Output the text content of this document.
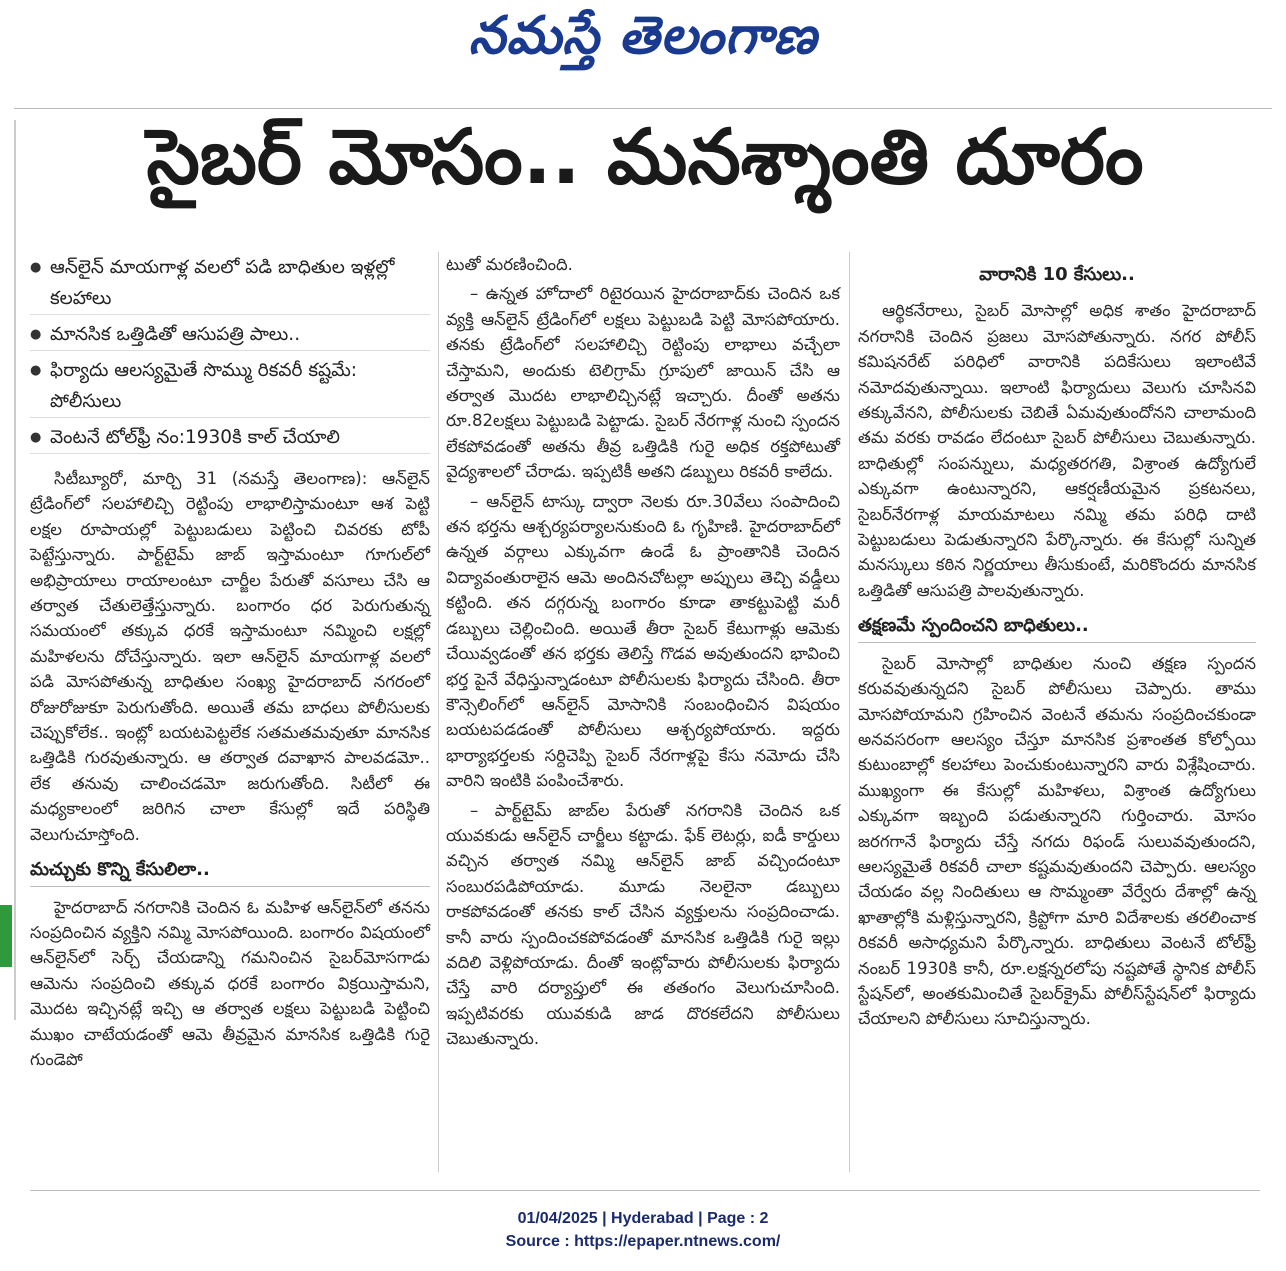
నమస్తే తెలంగాణ
సైబర్ మోసం.. మనశ్శాంతి దూరం
● ఆన్‌లైన్ మాయగాళ్ల వలలో పడి బాధితుల ఇళ్లల్లో కలహాలు
● మానసిక ఒత్తిడితో ఆసుపత్రి పాలు..
● ఫిర్యాదు ఆలస్యమైతే సొమ్ము రికవరీ కష్టమే: పోలీసులు
● వెంటనే టోల్‌ఫ్రీ నం:1930కి కాల్ చేయాలి

సిటీబ్యూరో, మార్చి 31 (నమస్తే తెలంగాణ): ఆన్‌లైన్ ట్రేడింగ్‌లో సలహాలిచ్చి రెట్టింపు లాభాలిస్తామంటూ ఆశ పెట్టి లక్షల రూపాయల్లో పెట్టుబడులు పెట్టించి చివరకు టోపీ పెట్టేస్తున్నారు. పార్ట్‌టైమ్ జాబ్ ఇస్తామంటూ గూగుల్‌లో అభిప్రాయాలు రాయాలంటూ చార్జీల పేరుతో వసూలు చేసి ఆ తర్వాత చేతులెత్తేస్తున్నారు. బంగారం ధర పెరుగుతున్న సమయంలో తక్కువ ధరకే ఇస్తామంటూ నమ్మించి లక్షల్లో మహిళలను దోచేస్తున్నారు. ఇలా ఆన్‌లైన్ మాయగాళ్ల వలలో పడి మోసపోతున్న బాధితుల సంఖ్య హైదరాబాద్ నగరంలో రోజురోజుకూ పెరుగుతోంది. అయితే తమ బాధలు పోలీసులకు చెప్పుకోలేక.. ఇంట్లో బయటపెట్టలేక సతమతమవుతూ మానసిక ఒత్తిడికి గురవుతున్నారు. ఆ తర్వాత దవాఖాన పాలవడమో.. లేక తనువు చాలించడమో జరుగుతోంది. సిటీలో ఈ మధ్యకాలంలో జరిగిన చాలా కేసుల్లో ఇదే పరిస్థితి వెలుగుచూస్తోంది.

మచ్చుకు కొన్ని కేసులిలా..

హైదరాబాద్ నగరానికి చెందిన ఓ మహిళ ఆన్‌లైన్‌లో తనను సంప్రదించిన వ్యక్తిని నమ్మి మోసపోయింది. బంగారం విషయంలో ఆన్‌లైన్‌లో సెర్చ్ చేయడాన్ని గమనించిన సైబర్‌మోసగాడు ఆమెను సంప్రదించి తక్కువ ధరకే బంగారం విక్రయిస్తామని, మొదట ఇచ్చినట్లే ఇచ్చి ఆ తర్వాత లక్షలు పెట్టుబడి పెట్టించి ముఖం చాటేయడంతో ఆమె తీవ్రమైన మానసిక ఒత్తిడికి గురై గుండెపో

టుతో మరణించింది.

– ఉన్నత హోదాలో రిటైరయిన హైదరాబాద్‌కు చెందిన ఒక వ్యక్తి ఆన్‌లైన్ ట్రేడింగ్‌లో లక్షలు పెట్టుబడి పెట్టి మోసపోయారు. తనకు ట్రేడింగ్‌లో సలహాలిచ్చి రెట్టింపు లాభాలు వచ్చేలా చేస్తామని, అందుకు టెలిగ్రామ్ గ్రూపులో జాయిన్ చేసి ఆ తర్వాత మొదట లాభాలిచ్చినట్లే ఇచ్చారు. దీంతో అతను రూ.82లక్షలు పెట్టుబడి పెట్టాడు. సైబర్ నేరగాళ్ల నుంచి స్పందన లేకపోవడంతో అతను తీవ్ర ఒత్తిడికి గురై అధిక రక్తపోటుతో వైద్యశాలలో చేరాడు. ఇప్పటికీ అతని డబ్బులు రికవరీ కాలేదు.

– ఆన్‌లైన్ టాస్కు ద్వారా నెలకు రూ.30వేలు సంపాదించి తన భర్తను ఆశ్చర్యపర్యాలనుకుంది ఓ గృహిణి. హైదరాబాద్‌లో ఉన్నత వర్గాలు ఎక్కువగా ఉండే ఓ ప్రాంతానికి చెందిన విద్యావంతురాలైన ఆమె అందినచోటల్లా అప్పులు తెచ్చి వడ్డీలు కట్టింది. తన దగ్గరున్న బంగారం కూడా తాకట్టుపెట్టి మరీ డబ్బులు చెల్లించింది. అయితే తీరా సైబర్ కేటుగాళ్లు ఆమెకు చేయివ్వడంతో తన భర్తకు తెలిస్తే గొడవ అవుతుందని భావించి భర్త పైనే వేధిస్తున్నాడంటూ పోలీసులకు ఫిర్యాదు చేసింది. తీరా కౌన్సెలింగ్‌లో ఆన్‌లైన్ మోసానికి సంబంధించిన విషయం బయటపడడంతో పోలీసులు ఆశ్చర్యపోయారు. ఇద్దరు భార్యాభర్తలకు సర్దిచెప్పి సైబర్ నేరగాళ్లపై కేసు నమోదు చేసి వారిని ఇంటికి పంపించేశారు.

– పార్ట్‌టైమ్ జాబ్‌ల పేరుతో నగరానికి చెందిన ఒక యువకుడు ఆన్‌లైన్ చార్జీలు కట్టాడు. ఫేక్ లెటర్లు, ఐడీ కార్డులు వచ్చిన తర్వాత నమ్మి ఆన్‌లైన్ జాబ్ వచ్చిందంటూ సంబురపడిపోయాడు. మూడు నెలలైనా డబ్బులు రాకపోవడంతో తనకు కాల్ చేసిన వ్యక్తులను సంప్రదించాడు. కానీ వారు స్పందించకపోవడంతో మానసిక ఒత్తిడికి గురై ఇల్లు వదిలి వెళ్లిపోయాడు. దీంతో ఇంట్లోవారు పోలీసులకు ఫిర్యాదు చేస్తే వారి దర్యాప్తులో ఈ తతంగం వెలుగుచూసింది. ఇప్పటివరకు యువకుడి జాడ దొరకలేదని పోలీసులు చెబుతున్నారు.

వారానికి 10 కేసులు..

ఆర్థికనేరాలు, సైబర్ మోసాల్లో అధిక శాతం హైదరాబాద్ నగరానికి చెందిన ప్రజలు మోసపోతున్నారు. నగర పోలీస్ కమిషనరేట్ పరిధిలో వారానికి పదికేసులు ఇలాంటివే నమోదవుతున్నాయి. ఇలాంటి ఫిర్యాదులు వెలుగు చూసినవి తక్కువేనని, పోలీసులకు చెబితే ఏమవుతుందోనని చాలామంది తమ వరకు రావడం లేదంటూ సైబర్ పోలీసులు చెబుతున్నారు. బాధితుల్లో సంపన్నులు, మధ్యతరగతి, విశ్రాంత ఉద్యోగులే ఎక్కువగా ఉంటున్నారని, ఆకర్షణీయమైన ప్రకటనలు, సైబర్‌నేరగాళ్ల మాయమాటలు నమ్మి తమ పరిధి దాటి పెట్టుబడులు పెడుతున్నారని పేర్కొన్నారు. ఈ కేసుల్లో సున్నిత మనస్కులు కఠిన నిర్ణయాలు తీసుకుంటే, మరికొందరు మానసిక ఒత్తిడితో ఆసుపత్రి పాలవుతున్నారు.

తక్షణమే స్పందించని బాధితులు..

సైబర్ మోసాల్లో బాధితుల నుంచి తక్షణ స్పందన కరువవుతున్నదని సైబర్ పోలీసులు చెప్పారు. తాము మోసపోయామని గ్రహించిన వెంటనే తమను సంప్రదించకుండా అనవసరంగా ఆలస్యం చేస్తూ మానసిక ప్రశాంతత కోల్పోయి కుటుంబాల్లో కలహాలు పెంచుకుంటున్నారని వారు విశ్లేషించారు. ముఖ్యంగా ఈ కేసుల్లో మహిళలు, విశ్రాంత ఉద్యోగులు ఎక్కువగా ఇబ్బంది పడుతున్నారని గుర్తించారు. మోసం జరగగానే ఫిర్యాదు చేస్తే నగదు రిఫండ్ సులువవుతుందని, ఆలస్యమైతే రికవరీ చాలా కష్టమవుతుందని చెప్పారు. ఆలస్యం చేయడం వల్ల నిందితులు ఆ సొమ్మంతా వేర్వేరు దేశాల్లో ఉన్న ఖాతాల్లోకి మళ్లిస్తున్నారని, క్రిప్టోగా మారి విదేశాలకు తరలించాక రికవరీ అసాధ్యమని పేర్కొన్నారు. బాధితులు వెంటనే టోల్‌ఫ్రీ నంబర్ 1930కి కానీ, రూ.లక్షన్నరలోపు నష్టపోతే స్థానిక పోలీస్ స్టేషన్‌లో, అంతకుమించితే సైబర్‌క్రైమ్ పోలీస్‌స్టేషన్‌లో ఫిర్యాదు చేయాలని పోలీసులు సూచిస్తున్నారు.

01/04/2025 | Hyderabad | Page : 2
Source : https://epaper.ntnews.com/
